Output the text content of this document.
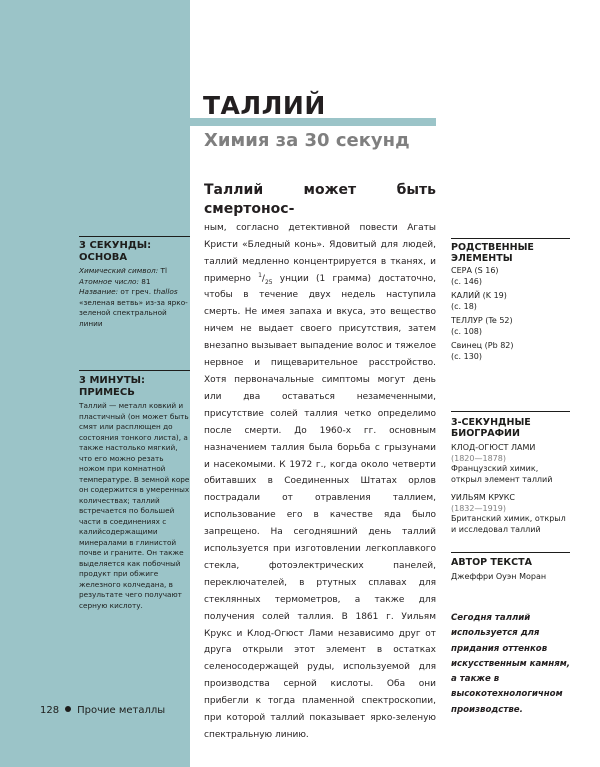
3 СЕКУНДЫ:
ОСНОВА

Химический символ: Tl

Атомное число: 81

Название: от греч. thallos «зеленая ветвь» из-за ярко-зеленой спектральной линии

3 МИНУТЫ:
ПРИМЕСЬ

Таллий — металл ковкий и пластичный (он может быть смят или расплющен до состояния тонкого листа), а также настолько мягкий, что его можно резать ножом при комнатной температуре. В земной коре он содержится в умеренных количествах; таллий встречается по большей части в соединениях с калийсодержащими минералами в глинистой почве и граните. Он также выделяется как побочный продукт при обжиге железного колчедана, в результате чего получают серную кислоту.

ТАЛЛИЙ
Химия за 30 секунд

Таллий может быть смертонос-
ным, согласно детективной повести Агаты Кристи «Бледный конь». Ядовитый для людей, таллий медленно концентрируется в тканях, и примерно $^1/_{25}$ унции (1 грамма) достаточно, чтобы в течение двух недель наступила смерть. Не имея запаха и вкуса, это вещество ничем не выдает своего присутствия, затем внезапно вызывает выпадение волос и тяжелое нервное и пищеварительное расстройство. Хотя первоначальные симптомы могут день или два оставаться незамеченными, присутствие солей таллия четко определимо после смерти. До 1960-х гг. основным назначением таллия была борьба с грызунами и насекомыми. К 1972 г., когда около четверти обитавших в Соединенных Штатах орлов пострадали от отравления таллием, использование его в качестве яда было запрещено. На сегодняшний день таллий используется при изготовлении легкоплавкого стекла, фотоэлектрических панелей, переключателей, в ртутных сплавах для стеклянных термометров, а также для получения солей таллия. В 1861 г. Уильям Крукс и Клод-Огюст Лами независимо друг от друга открыли этот элемент в остатках селеносодержащей руды, используемой для производства серной кислоты. Оба они прибегли к тогда пламенной спектроскопии, при которой таллий показывает ярко-зеленую спектральную линию.

РОДСТВЕННЫЕ
ЭЛЕМЕНТЫ
СЕРА (S 16)
(с. 146)
КАЛИЙ (K 19)
(с. 18)
ТЕЛЛУР (Te 52)
(с. 108)
Свинец (Pb 82)
(с. 130)
3-СЕКУНДНЫЕ
БИОГРАФИИ
КЛОД-ОГЮСТ ЛАМИ
(1820—1878)
Французский химик, открыл элемент таллий
УИЛЬЯМ КРУКС
(1832—1919)
Британский химик, открыл и исследовал таллий
АВТОР ТЕКСТА
Джеффри Оуэн Моран

Сегодня таллий используется для придания оттенков искусственным камням, а также в высокотехнологичном производстве.

128 Прочие металлы
